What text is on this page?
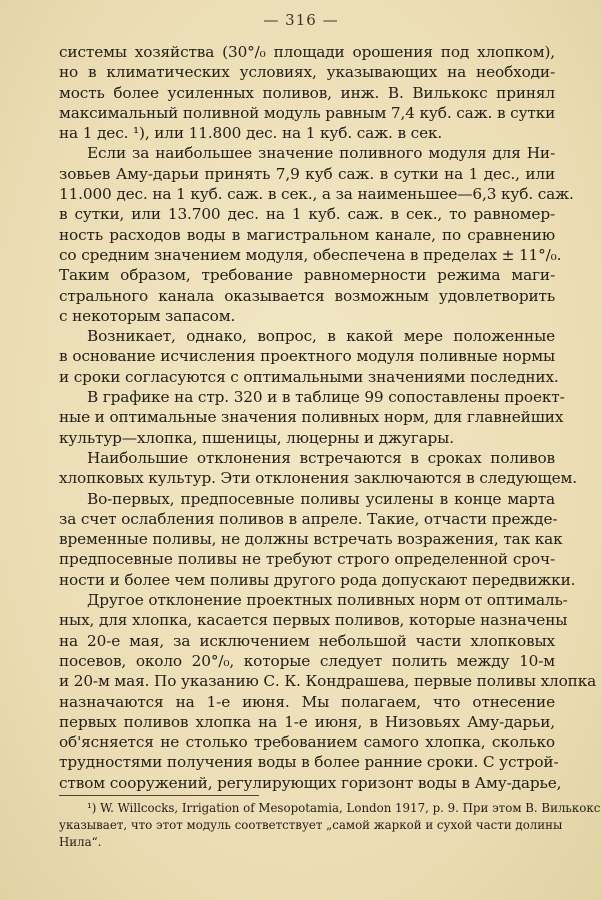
— 316 —
системы хозяйства (30°/₀ площади орошения под хлопком),
но в климатических условиях, указывающих на необходи-
мость более усиленных поливов, инж. В. Вилькокс принял
максимальный поливной модуль равным 7,4 куб. саж. в сутки
на 1 дес. ¹), или 11.800 дес. на 1 куб. саж. в сек.
Если за наибольшее значение поливного модуля для Ни-
зовьев Аму-дарьи принять 7,9 куб саж. в сутки на 1 дес., или
11.000 дес. на 1 куб. саж. в сек., а за наименьшее—6,3 куб. саж.
в сутки, или 13.700 дес. на 1 куб. саж. в сек., то равномер-
ность расходов воды в магистральном канале, по сравнению
со средним значением модуля, обеспечена в пределах ± 11°/₀.
Таким образом, требование равномерности режима маги-
стрального канала оказывается возможным удовлетворить
с некоторым запасом.
Возникает, однако, вопрос, в какой мере положенные
в основание исчисления проектного модуля поливные нормы
и сроки согласуются с оптимальными значениями последних.
В графике на стр. 320 и в таблице 99 сопоставлены проект-
ные и оптимальные значения поливных норм, для главнейших
культур—хлопка, пшеницы, люцерны и джугары.
Наибольшие отклонения встречаются в сроках поливов
хлопковых культур. Эти отклонения заключаются в следующем.
Во-первых, предпосевные поливы усилены в конце марта
за счет ослабления поливов в апреле. Такие, отчасти прежде-
временные поливы, не должны встречать возражения, так как
предпосевные поливы не требуют строго определенной сроч-
ности и более чем поливы другого рода допускают передвижки.
Другое отклонение проектных поливных норм от оптималь-
ных, для хлопка, касается первых поливов, которые назначены
на 20-е мая, за исключением небольшой части хлопковых
посевов, около 20°/₀, которые следует полить между 10-м
и 20-м мая. По указанию С. К. Кондрашева, первые поливы хлопка
назначаются на 1-е июня. Мы полагаем, что отнесение
первых поливов хлопка на 1-е июня, в Низовьях Аму-дарьи,
об'ясняется не столько требованием самого хлопка, сколько
трудностями получения воды в более ранние сроки. С устрой-
ством сооружений, регулирующих горизонт воды в Аму-дарье,
¹) W. Willcocks, Irrigation of Mesopotamia, London 1917, p. 9. При этом В. Вилькокс
указывает, что этот модуль соответствует „самой жаркой и сухой части долины
Нила“.
